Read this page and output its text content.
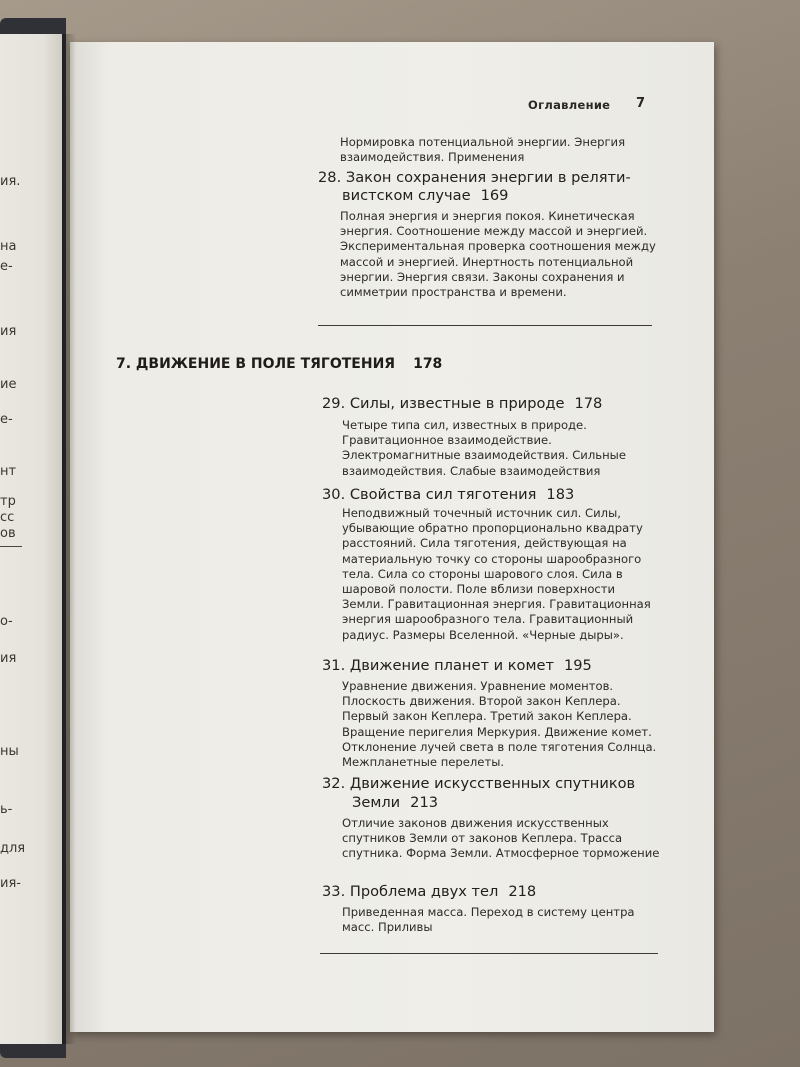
ия.
на
е-
ия
ие
е-
нт
тр
сс
ов
о-
ия
ны
ь-
для
ия-
Оглавление 7
Нормировка потенциальной энергии. Энергия взаимодействия. Применения
28. Закон сохранения энергии в реляти-
вистском случае 169
Полная энергия и энергия покоя. Кинетическая энергия. Соотношение между массой и энергией. Экспериментальная проверка соотношения между массой и энергией. Инертность потенциальной энергии. Энергия связи. Законы сохранения и симметрии пространства и времени.
7. ДВИЖЕНИЕ В ПОЛЕ ТЯГОТЕНИЯ 178
29. Силы, известные в природе 178
Четыре типа сил, известных в природе. Гравитационное взаимодействие. Электромагнитные взаимодействия. Сильные взаимодействия. Слабые взаимодействия
30. Свойства сил тяготения 183
Неподвижный точечный источник сил. Силы, убывающие обратно пропорционально квадрату расстояний. Сила тяготения, действующая на материальную точку со стороны шарообразного тела. Сила со стороны шарового слоя. Сила в шаровой полости. Поле вблизи поверхности Земли. Гравитационная энергия. Гравитационная энергия шарообразного тела. Гравитационный радиус. Размеры Вселенной. «Черные дыры».
31. Движение планет и комет 195
Уравнение движения. Уравнение моментов. Плоскость движения. Второй закон Кеплера. Первый закон Кеплера. Третий закон Кеплера. Вращение перигелия Меркурия. Движение комет. Отклонение лучей света в поле тяготения Солнца. Межпланетные перелеты.
32. Движение искусственных спутников
Земли 213
Отличие законов движения искусственных спутников Земли от законов Кеплера. Трасса спутника. Форма Земли. Атмосферное торможение
33. Проблема двух тел 218
Приведенная масса. Переход в систему центра масс. Приливы
